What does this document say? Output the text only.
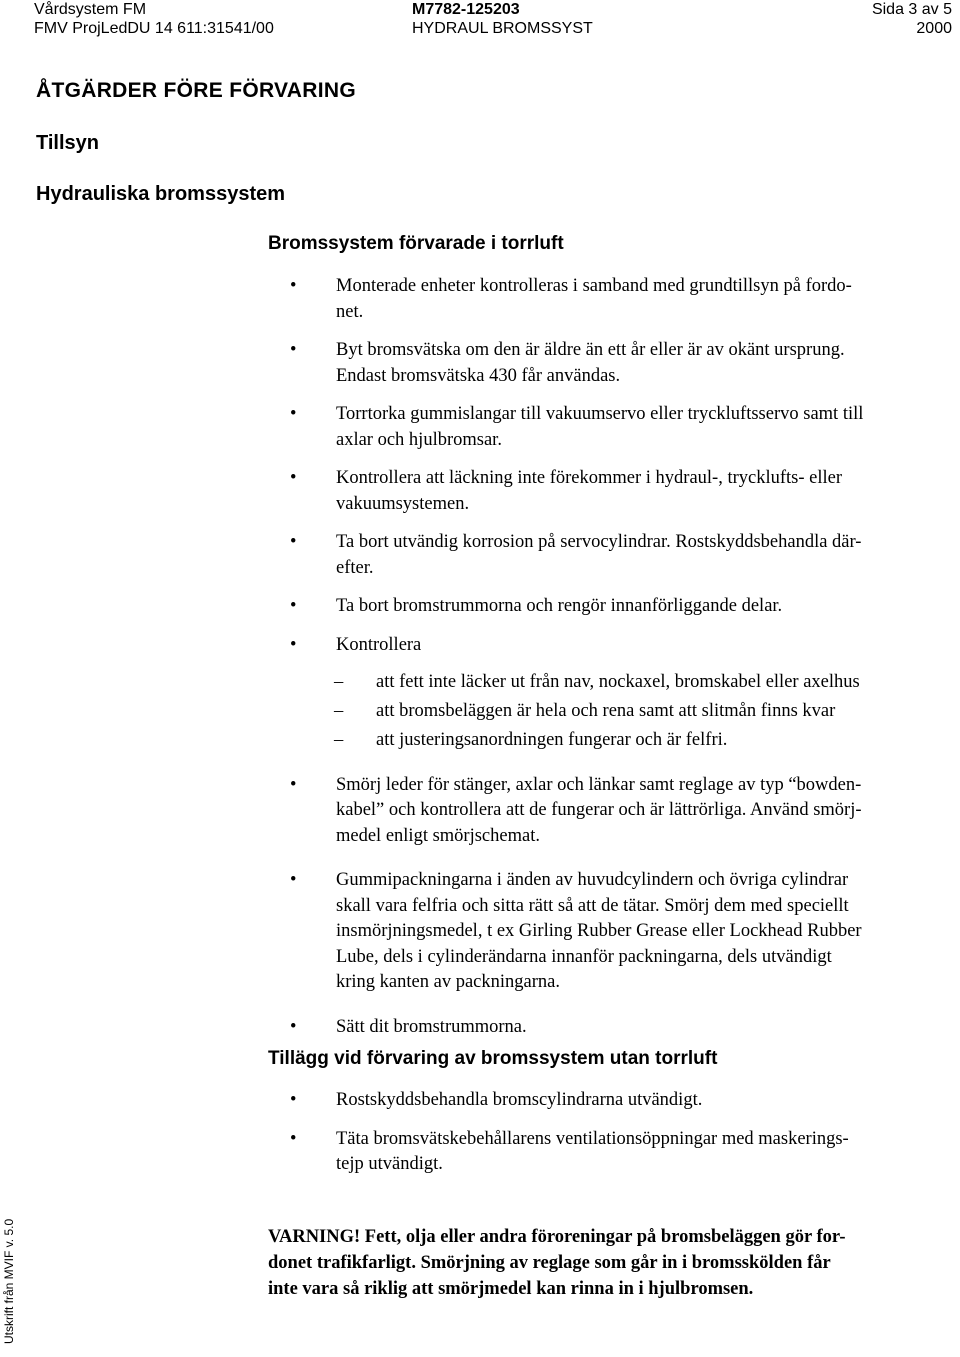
Vårdsystem FM	M7782-125203	Sida 3 av 5
FMV ProjLedDU 14 611:31541/00	HYDRAUL BROMSSYST	2000
ÅTGÄRDER FÖRE FÖRVARING
Tillsyn
Hydrauliska bromssystem
Bromssystem förvarade i torrluft
• Monterade enheter kontrolleras i samband med grundtillsyn på fordo-
net.
• Byt bromsvätska om den är äldre än ett år eller är av okänt ursprung.
Endast bromsvätska 430 får användas.
• Torrtorka gummislangar till vakuumservo eller tryckluftsservo samt till
axlar och hjulbromsar.
• Kontrollera att läckning inte förekommer i hydraul-, trycklufts- eller
vakuumsystemen.
• Ta bort utvändig korrosion på servocylindrar. Rostskyddsbehandla där-
efter.
• Ta bort bromstrummorna och rengör innanförliggande delar.
• Kontrollera
– att fett inte läcker ut från nav, nockaxel, bromskabel eller axelhus
– att bromsbeläggen är hela och rena samt att slitmån finns kvar
– att justeringsanordningen fungerar och är felfri.
• Smörj leder för stänger, axlar och länkar samt reglage av typ “bowden-
kabel” och kontrollera att de fungerar och är lättrörliga. Använd smörj-
medel enligt smörjschemat.
• Gummipackningarna i änden av huvudcylindern och övriga cylindrar
skall vara felfria och sitta rätt så att de tätar. Smörj dem med speciellt
insmörjningsmedel, t ex Girling Rubber Grease eller Lockhead Rubber
Lube, dels i cylinderändarna innanför packningarna, dels utvändigt
kring kanten av packningarna.
• Sätt dit bromstrummorna.
Tillägg vid förvaring av bromssystem utan torrluft
• Rostskyddsbehandla bromscylindrarna utvändigt.
• Täta bromsvätskebehållarens ventilationsöppningar med maskerings-
tejp utvändigt.

VARNING! Fett, olja eller andra föroreningar på bromsbeläggen gör for-
donet trafikfarligt. Smörjning av reglage som går in i bromsskölden får
inte vara så riklig att smörjmedel kan rinna in i hjulbromsen.

Utskrift från MVIF v. 5.0
